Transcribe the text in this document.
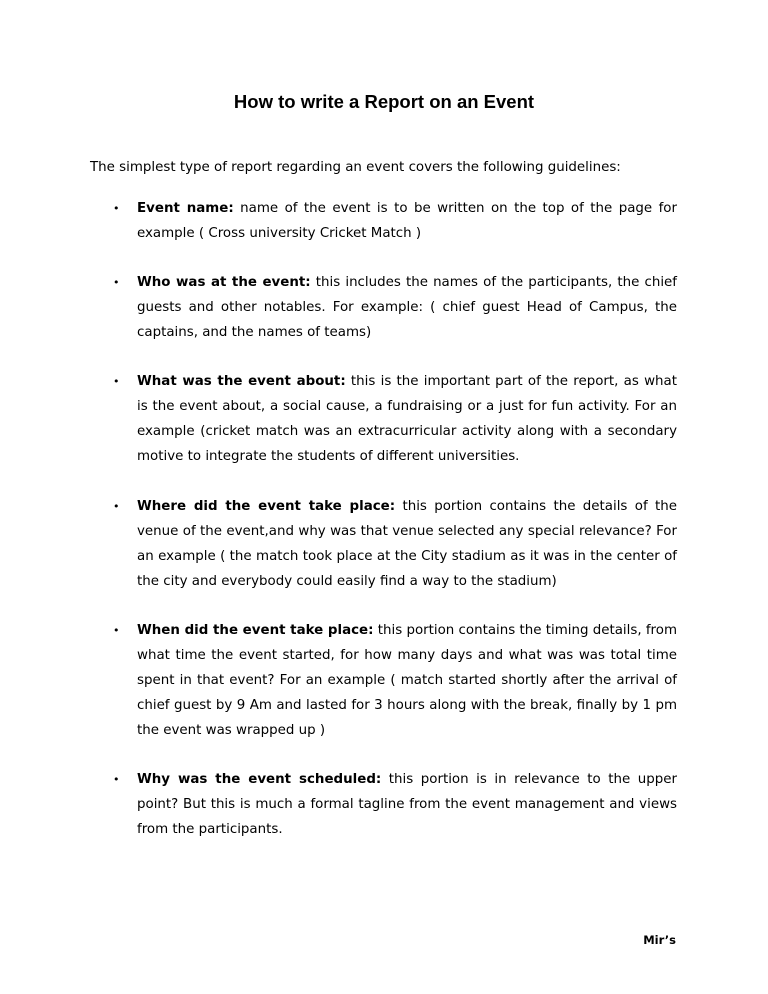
How to write a Report on an Event

The simplest type of report regarding an event covers the following guidelines:

• Event name: name of the event is to be written on the top of the page for example ( Cross university Cricket Match )
• Who was at the event: this includes the names of the participants, the chief guests and other notables. For example: ( chief guest Head of Campus, the captains, and the names of teams)
• What was the event about: this is the important part of the report, as what is the event about, a social cause, a fundraising or a just for fun activity. For an example (cricket match was an extracurricular activity along with a secondary motive to integrate the students of different universities.
• Where did the event take place: this portion contains the details of the venue of the event,and why was that venue selected any special relevance? For an example ( the match took place at the City stadium as it was in the center of the city and everybody could easily find a way to the stadium)
• When did the event take place: this portion contains the timing details, from what time the event started, for how many days and what was was total time spent in that event? For an example ( match started shortly after the arrival of chief guest by 9 Am and lasted for 3 hours along with the break, finally by 1 pm the event was wrapped up )
• Why was the event scheduled: this portion is in relevance to the upper point? But this is much a formal tagline from the event management and views from the participants.
Mir’s
